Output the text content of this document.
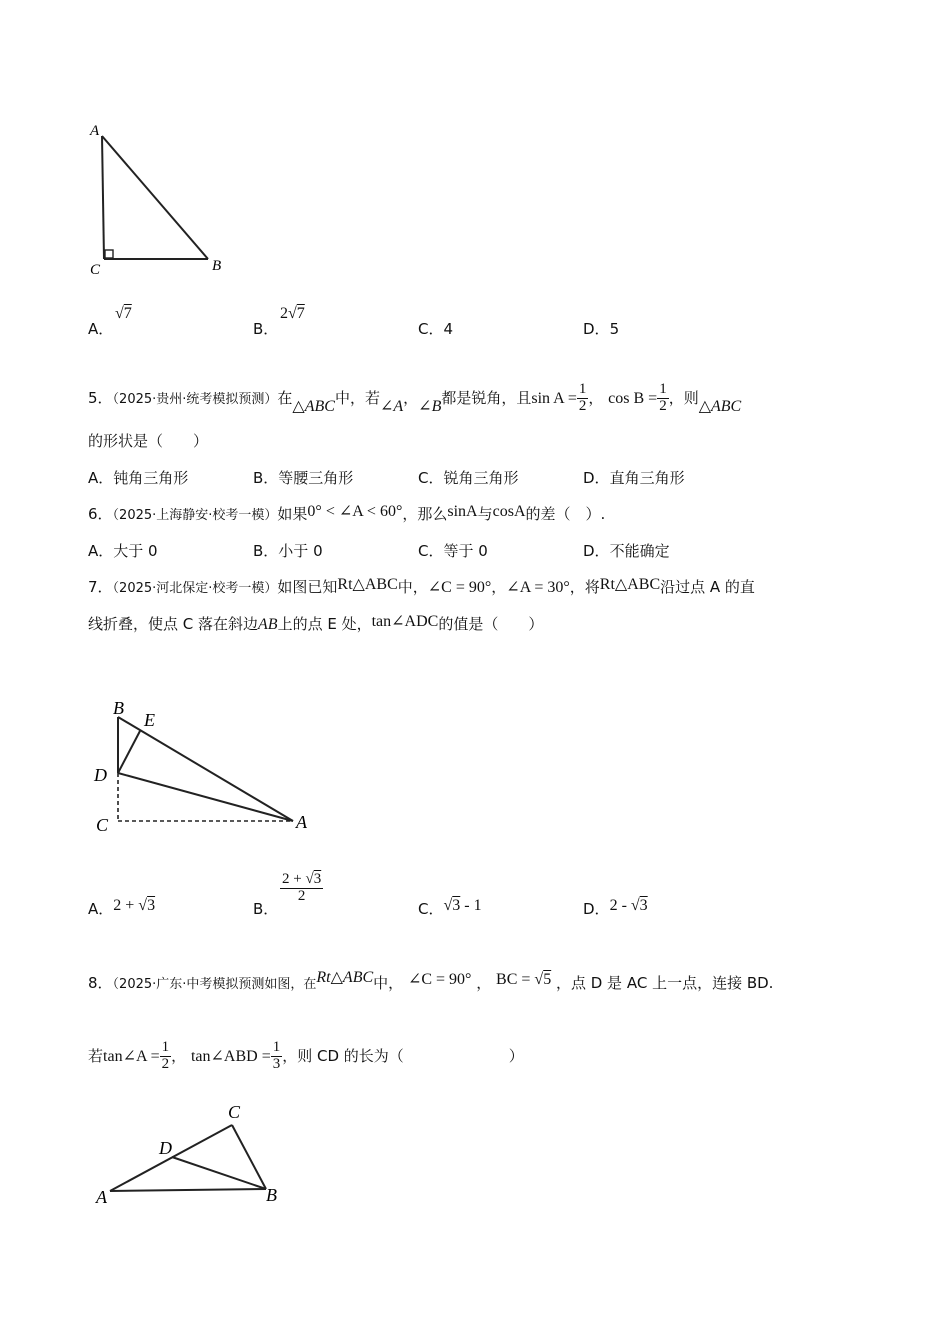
A
C	B
A．
√7
B．
2√7
C．4	D．5
5．（2025·贵州·统考模拟预测）在△ABC中，若∠A，∠B都是锐角，且$\sin A = \frac{1}{2}$ ， $\cos B = \frac{1}{2}$ ，则△ABC
的形状是（　　）
A．钝角三角形	B．等腰三角形	C．锐角三角形	D．直角三角形
6．（2025·上海静安·校考一模）如果0° < ∠A < 60°，那么sinA与cosA的差（　）.
A．大于 0	B．小于 0	C．等于 0	D．不能确定
7．（2025·河北保定·校考一模）如图已知Rt△ABC中，∠C = 90°，∠A = 30°，将Rt△ABC沿过点 A 的直
线折叠，使点 C 落在斜边AB上的点 E 处，tan∠ADC的值是（　　）
B
E
D
C	A
A．2 + √3	B．
$\frac{2 + √3}{2}$
C．√3 - 1	D．2 - √3
8．（2025·广东·中考模拟预测如图，在Rt△ABC中， ∠C = 90° ， BC = √5 ，点 D 是 AC 上一点，连接 BD.
若tan∠A = $\frac{1}{2}$ ， tan∠ABD = $\frac{1}{3}$ ，则 CD 的长为（　　　　　　　）
C
D
A	B
